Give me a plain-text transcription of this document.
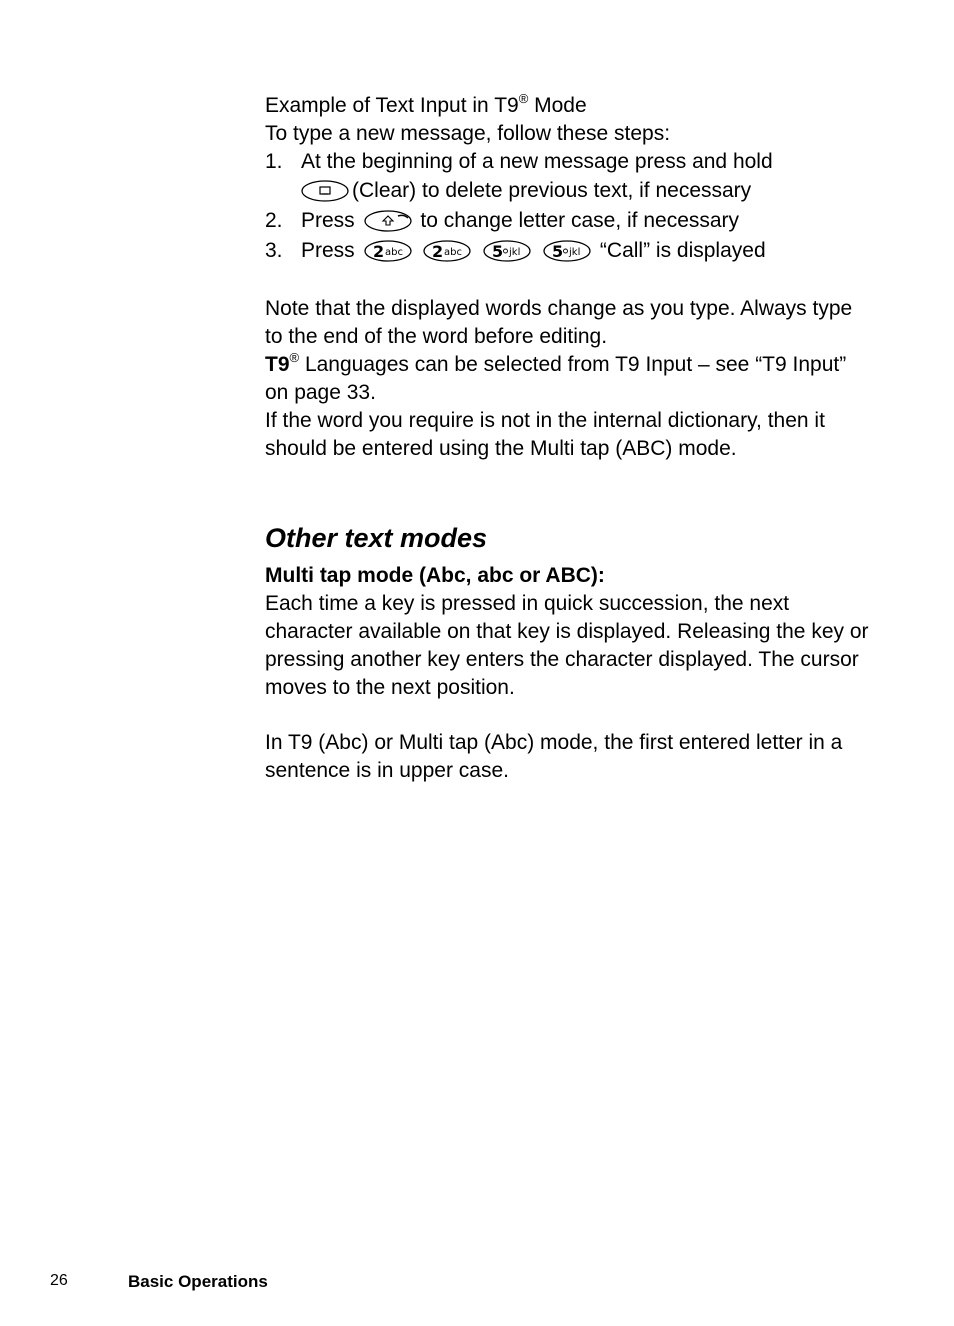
Example of Text Input in T9® Mode
To type a new message, follow these steps:
1. At the beginning of a new message press and hold
(Clear) to delete previous text, if necessary
2. Press	to change letter case, if necessary
3. Press 2 abc
2 abc
5 jkl
5 jkl “Call” is displayed
Note that the displayed words change as you type. Always type to the end of the word before editing.
T9® Languages can be selected from T9 Input – see “T9 Input” on page 33.
If the word you require is not in the internal dictionary, then it should be entered using the Multi tap (ABC) mode.
Other text modes
Multi tap mode (Abc, abc or ABC):
Each time a key is pressed in quick succession, the next character available on that key is displayed. Releasing the key or pressing another key enters the character displayed. The cursor moves to the next position.
In T9 (Abc) or Multi tap (Abc) mode, the first entered letter in a sentence is in upper case.
26	Basic Operations
